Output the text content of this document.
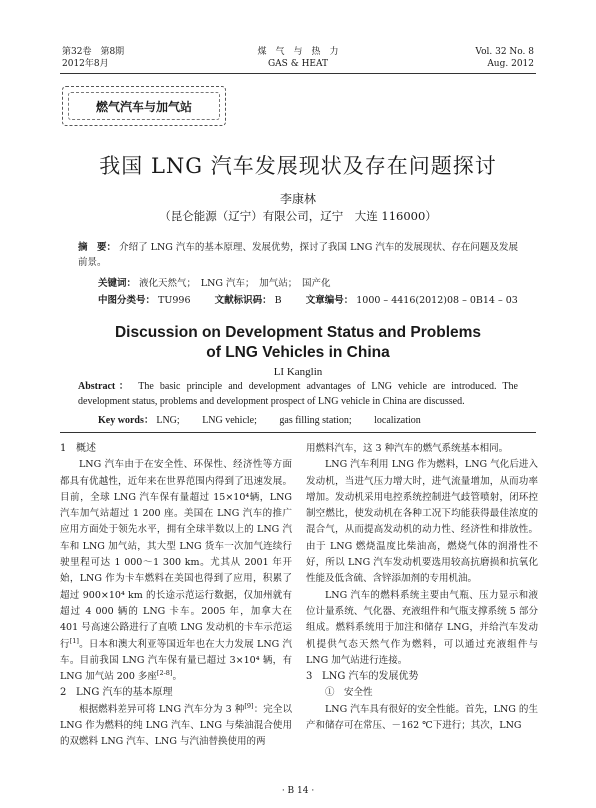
第32卷　第8期
2012年8月
煤　气　与　热　力
GAS & HEAT
Vol. 32 No. 8
Aug. 2012
燃气汽车与加气站
我国 LNG 汽车发展现状及存在问题探讨
李康林
（昆仑能源（辽宁）有限公司，辽宁　大连 116000）
摘　要： 介绍了 LNG 汽车的基本原理、发展优势，探讨了我国 LNG 汽车的发展现状、存在问题及发展前景。
关键词： 液化天然气；　LNG 汽车；　加气站；　国产化
中图分类号： TU996	文献标识码： B	文章编号： 1000 – 4416(2012)08 – 0B14 – 03
Discussion on Development Status and Problems
of LNG Vehicles in China
LI Kanglin
Abstract： The basic principle and development advantages of LNG vehicle are introduced. The development status, problems and development prospect of LNG vehicle in China are discussed.
Key words： LNG; LNG vehicle; gas filling station; localization

1 概述

LNG 汽车由于在安全性、环保性、经济性等方面都具有优越性，近年来在世界范围内得到了迅速发展。目前，全球 LNG 汽车保有量超过 15×10⁴辆，LNG 汽车加气站超过 1 200 座。美国在 LNG 汽车的推广应用方面处于领先水平，拥有全球半数以上的 LNG 汽车和 LNG 加气站，其大型 LNG 货车一次加气连续行驶里程可达 1 000～1 300 km。尤其从 2001 年开始，LNG 作为卡车燃料在美国也得到了应用，积累了超过 900×10⁴ km 的长途示范运行数据，仅加州就有超过 4 000 辆的 LNG 卡车。2005 年，加拿大在 401 号高速公路进行了直喷 LNG 发动机的卡车示范运行[1]。日本和澳大利亚等国近年也在大力发展 LNG 汽车。目前我国 LNG 汽车保有量已超过 3×10⁴ 辆，有 LNG 加气站 200 多座[2-8]。

2 LNG 汽车的基本原理

根据燃料差异可将 LNG 汽车分为 3 种[9]：完全以 LNG 作为燃料的纯 LNG 汽车、LNG 与柴油混合使用的双燃料 LNG 汽车、LNG 与汽油替换使用的两

用燃料汽车，这 3 种汽车的燃气系统基本相同。

LNG 汽车利用 LNG 作为燃料，LNG 气化后进入发动机，当进气压力增大时，进气流量增加，从而功率增加。发动机采用电控系统控制进气歧管喷射，闭环控制空燃比，使发动机在各种工况下均能获得最佳浓度的混合气，从而提高发动机的动力性、经济性和排放性。由于 LNG 燃烧温度比柴油高，燃烧气体的润滑性不好，所以 LNG 汽车发动机要选用较高抗磨损和抗氧化性能及低含硫、含锌添加剂的专用机油。

LNG 汽车的燃料系统主要由气瓶、压力显示和液位计量系统、气化器、充液组件和气瓶支撑系统 5 部分组成。燃料系统用于加注和储存 LNG，并给汽车发动机提供气态天然气作为燃料，可以通过充液组件与 LNG 加气站进行连接。

3 LNG 汽车的发展优势

①　安全性

LNG 汽车具有很好的安全性能。首先，LNG 的生产和储存可在常压、－162 ℃下进行；其次，LNG

· B 14 ·
